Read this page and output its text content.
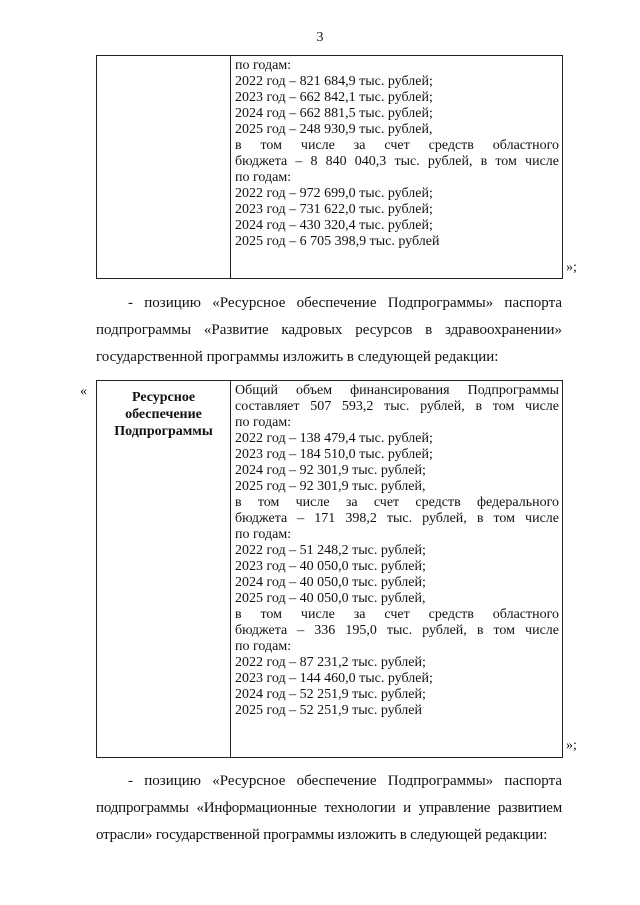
3

по годам:
2022 год – 821 684,9 тыс. рублей;
2023 год – 662 842,1 тыс. рублей;
2024 год – 662 881,5 тыс. рублей;
2025 год – 248 930,9 тыс. рублей,
в том числе за счет средств областного
бюджета – 8 840 040,3 тыс. рублей, в том числе
по годам:
2022 год – 972 699,0 тыс. рублей;
2023 год – 731 622,0 тыс. рублей;
2024 год – 430 320,4 тыс. рублей;
2025 год – 6 705 398,9 тыс. рублей
»;
- позицию «Ресурсное обеспечение Подпрограммы» паспорта
подпрограммы «Развитие кадровых ресурсов в здравоохранении»
государственной программы изложить в следующей редакции:
«	Ресурсное
обеспечение
Подпрограммы

Общий объем финансирования Подпрограммы
составляет 507 593,2 тыс. рублей, в том числе
по годам:
2022 год – 138 479,4 тыс. рублей;
2023 год – 184 510,0 тыс. рублей;
2024 год – 92 301,9 тыс. рублей;
2025 год – 92 301,9 тыс. рублей,
в том числе за счет средств федерального
бюджета – 171 398,2 тыс. рублей, в том числе
по годам:
2022 год – 51 248,2 тыс. рублей;
2023 год – 40 050,0 тыс. рублей;
2024 год – 40 050,0 тыс. рублей;
2025 год – 40 050,0 тыс. рублей,
в том числе за счет средств областного
бюджета – 336 195,0 тыс. рублей, в том числе
по годам:
2022 год – 87 231,2 тыс. рублей;
2023 год – 144 460,0 тыс. рублей;
2024 год – 52 251,9 тыс. рублей;
2025 год – 52 251,9 тыс. рублей
»;
- позицию «Ресурсное обеспечение Подпрограммы» паспорта
подпрограммы «Информационные технологии и управление развитием
отрасли» государственной программы изложить в следующей редакции:
